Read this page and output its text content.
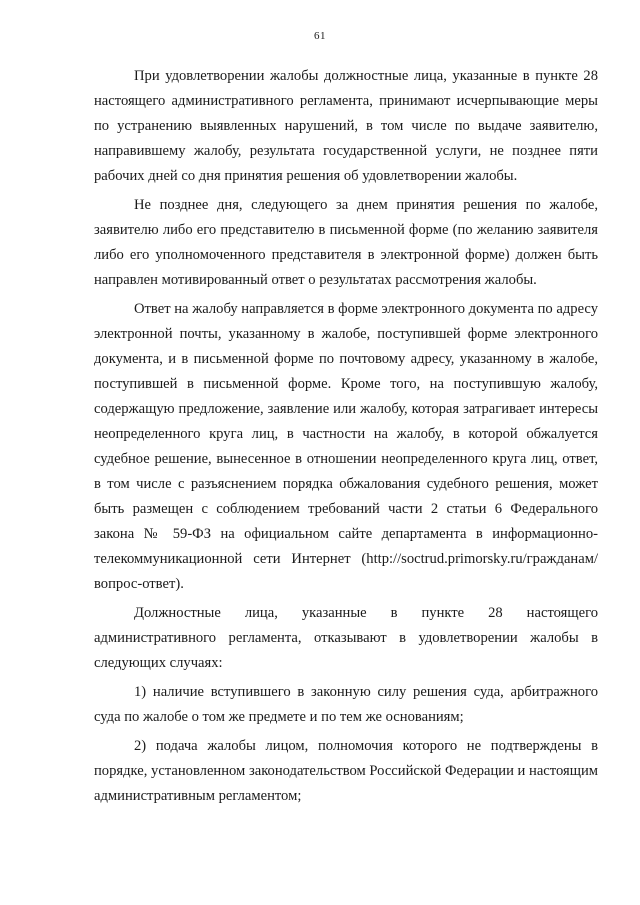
61

При удовлетворении жалобы должностные лица, указанные в пункте 28 настоящего административного регламента, принимают исчерпывающие меры по устранению выявленных нарушений, в том числе по выдаче заявителю, направившему жалобу, результата государственной услуги, не позднее пяти рабочих дней со дня принятия решения об удовлетворении жалобы.

Не позднее дня, следующего за днем принятия решения по жалобе, заявителю либо его представителю в письменной форме (по желанию заявителя либо его уполномоченного представителя в электронной форме) должен быть направлен мотивированный ответ о результатах рассмотрения жалобы.

Ответ на жалобу направляется в форме электронного документа по адресу электронной почты, указанному в жалобе, поступившей форме электронного документа, и в письменной форме по почтовому адресу, указанному в жалобе, поступившей в письменной форме. Кроме того, на поступившую жалобу, содержащую предложение, заявление или жалобу, которая затрагивает интересы неопределенного круга лиц, в частности на жалобу, в которой обжалуется судебное решение, вынесенное в отношении неопределенного круга лиц, ответ, в том числе с разъяснением порядка обжалования судебного решения, может быть размещен с соблюдением требований части 2 статьи 6 Федерального закона № 59-ФЗ на официальном сайте департамента в информационно-телекоммуникационной сети Интернет (http://soctrud.primorsky.ru/гражданам/вопрос-ответ).

Должностные лица, указанные в пункте 28 настоящего административного регламента, отказывают в удовлетворении жалобы в следующих случаях:

1) наличие вступившего в законную силу решения суда, арбитражного суда по жалобе о том же предмете и по тем же основаниям;

2) подача жалобы лицом, полномочия которого не подтверждены в порядке, установленном законодательством Российской Федерации и настоящим административным регламентом;
